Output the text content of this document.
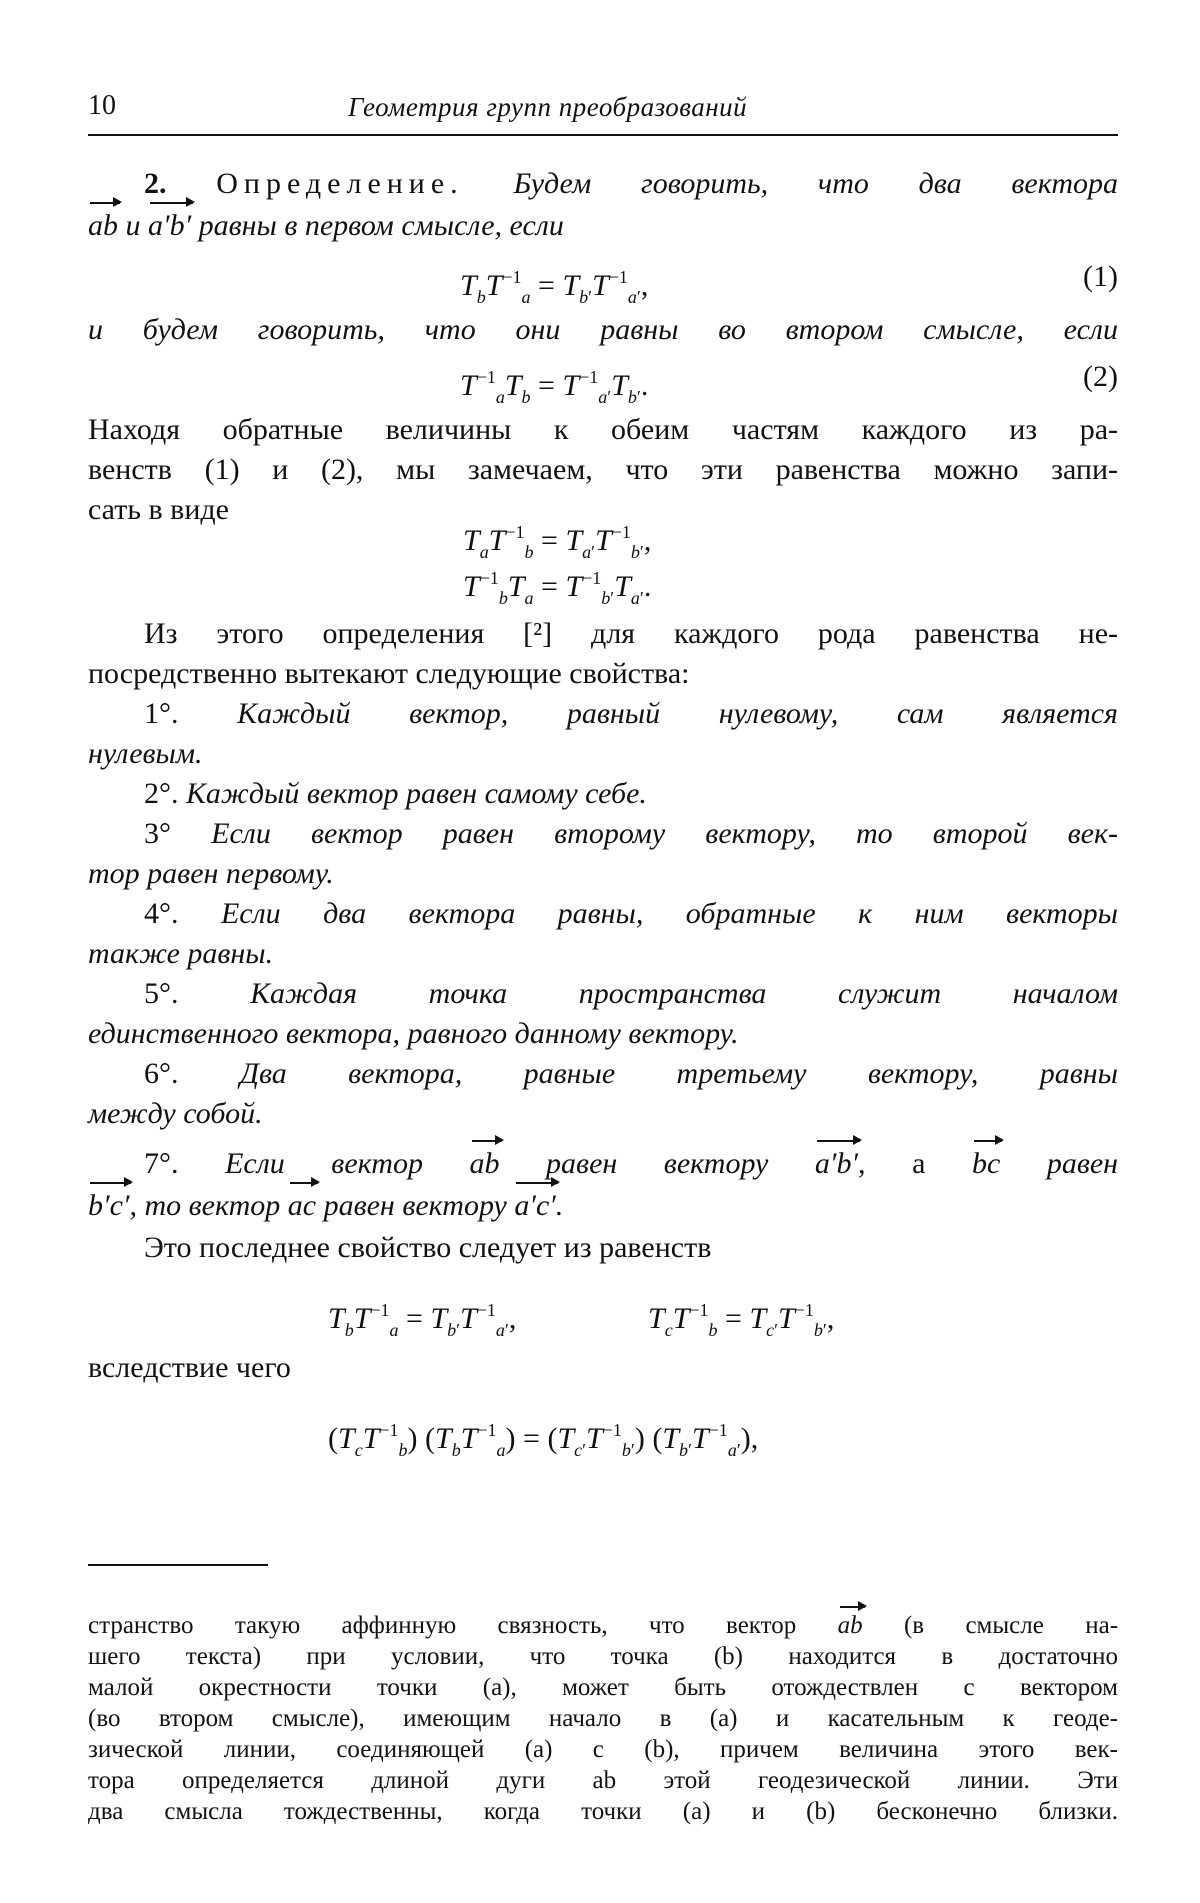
10	Геометрия групп преобразований
2. Определение. Будем говорить, что два вектора
ab и a′b′ равны в первом смысле, если
$T_bT^{-1}_a = T_{b'}T^{-1}_{a'}$,	(1)
и будем говорить, что они равны во втором смысле, если
$T^{-1}_aT_b = T^{-1}_{a'}T_{b'}$.	(2)
Находя обратные величины к обеим частям каждого из ра-
венств (1) и (2), мы замечаем, что эти равенства можно запи-
сать в виде
$T_aT^{-1}_b = T_{a'}T^{-1}_{b'}$,
$T^{-1}_bT_a = T^{-1}_{b'}T_{a'}$.
Из этого определения [²] для каждого рода равенства не-
посредственно вытекают следующие свойства:
1°. Каждый вектор, равный нулевому, сам является
нулевым.
2°. Каждый вектор равен самому себе.
3° Если вектор равен второму вектору, то второй век-
тор равен первому.
4°. Если два вектора равны, обратные к ним векторы
также равны.
5°. Каждая точка пространства служит началом
единственного вектора, равного данному вектору.
6°. Два вектора, равные третьему вектору, равны
между собой.
7°. Если вектор ab равен вектору a′b′, а bc равен
b′c′, то вектор ac равен вектору a′c′.
Это последнее свойство следует из равенств
$T_bT^{-1}_a = T_{b'}T^{-1}_{a'}$,	$T_cT^{-1}_b = T_{c'}T^{-1}_{b'}$,
вследствие чего
$(T_cT^{-1}_b) (T_bT^{-1}_a) = (T_{c'}T^{-1}_{b'})$ $(T_{b'}T^{-1}_{a'})$,
странство такую аффинную связность, что вектор ab (в смысле на-
шего текста) при условии, что точка (b) находится в достаточно
малой окрестности точки (a), может быть отождествлен с вектором
(во втором смысле), имеющим начало в (a) и касательным к геоде-
зической линии, соединяющей (a) с (b), причем величина этого век-
тора определяется длиной дуги ab этой геодезической линии. Эти
два смысла тождественны, когда точки (a) и (b) бесконечно близки.
